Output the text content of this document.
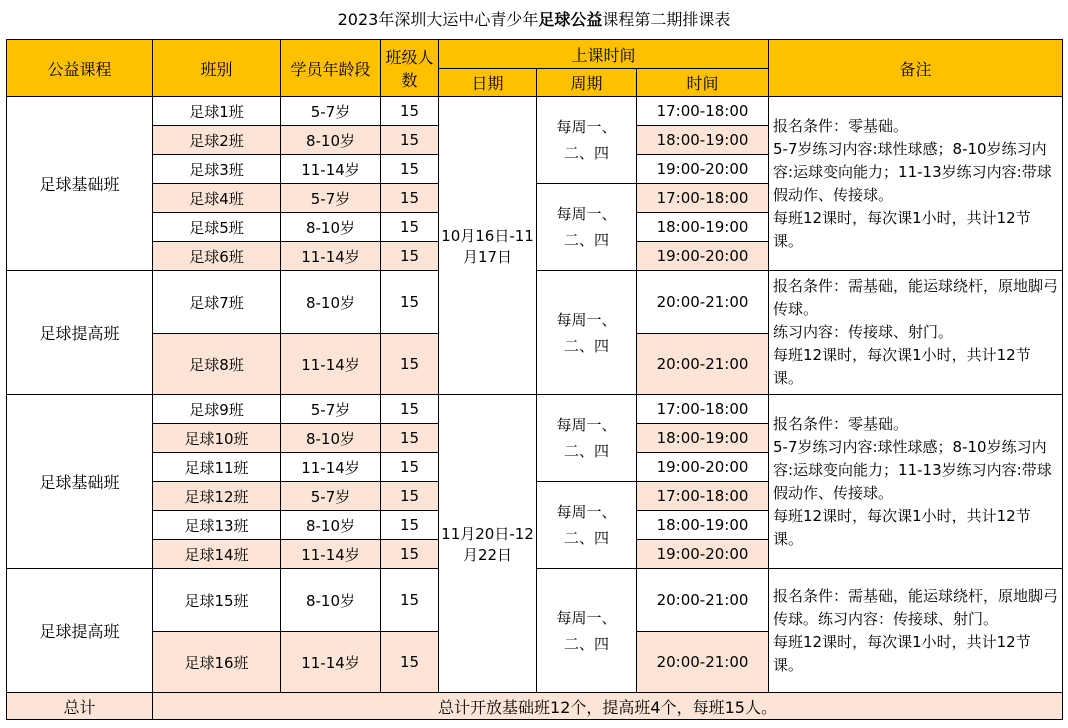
2023年深圳大运中心青少年足球公益课程第二期排课表
公益课程	班别	学员年龄段	班级人数	上课时间			备注
				日期	周期	时间	
足球基础班	足球1班	5-7岁	15	10月16日-11月17日	每周一、二、四	17:00-18:00	报名条件：零基础。
5-7岁练习内容:球性球感；8-10岁练习内容:运球变向能力；11-13岁练习内容:带球假动作、传接球。
每班12课时，每次课1小时，共计12节课。
	足球2班	8-10岁	15			18:00-19:00	
	足球3班	11-14岁	15			19:00-20:00	
	足球4班	5-7岁	15		每周一、二、四	17:00-18:00	
	足球5班	8-10岁	15			18:00-19:00	
	足球6班	11-14岁	15			19:00-20:00	
足球提高班	足球7班	8-10岁	15		每周一、二、四	20:00-21:00	报名条件：需基础，能运球绕杆，原地脚弓传球。
练习内容：传接球、射门。
每班12课时，每次课1小时，共计12节课。
	足球8班	11-14岁	15			20:00-21:00	
足球基础班	足球9班	5-7岁	15	11月20日-12月22日	每周一、二、四	17:00-18:00	报名条件：零基础。
5-7岁练习内容:球性球感；8-10岁练习内容:运球变向能力；11-13岁练习内容:带球假动作、传接球。
每班12课时，每次课1小时，共计12节课。
	足球10班	8-10岁	15			18:00-19:00	
	足球11班	11-14岁	15			19:00-20:00	
	足球12班	5-7岁	15		每周一、二、四	17:00-18:00	
	足球13班	8-10岁	15			18:00-19:00	
	足球14班	11-14岁	15			19:00-20:00	
足球提高班	足球15班	8-10岁	15		每周一、二、四	20:00-21:00	报名条件：需基础，能运球绕杆，原地脚弓传球。练习内容：传接球、射门。
每班12课时，每次课1小时，共计12节课。
	足球16班	11-14岁	15			20:00-21:00	
总计	总计开放基础班12个，提高班4个，每班15人。						
